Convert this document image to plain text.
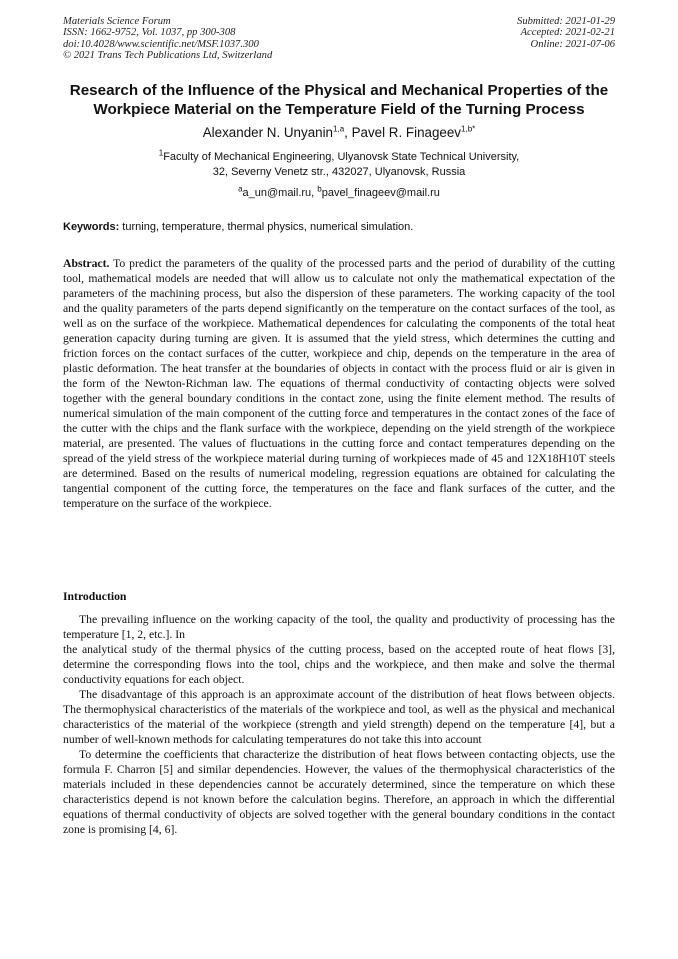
Materials Science Forum
ISSN: 1662-9752, Vol. 1037, pp 300-308
doi:10.4028/www.scientific.net/MSF.1037.300
© 2021 Trans Tech Publications Ltd, Switzerland
Submitted: 2021-01-29
Accepted: 2021-02-21
Online: 2021-07-06
Research of the Influence of the Physical and Mechanical Properties of the Workpiece Material on the Temperature Field of the Turning Process
Alexander N. Unyanin$^{1,a}$, Pavel R. Finageev$^{1,b*}$
$^1$Faculty of Mechanical Engineering, Ulyanovsk State Technical University,
32, Severny Venetz str., 432027, Ulyanovsk, Russia
$^a$a_un@mail.ru, $^b$pavel_finageev@mail.ru
Keywords: turning, temperature, thermal physics, numerical simulation.
Abstract. To predict the parameters of the quality of the processed parts and the period of durability of the cutting tool, mathematical models are needed that will allow us to calculate not only the mathematical expectation of the parameters of the machining process, but also the dispersion of these parameters. The working capacity of the tool and the quality parameters of the parts depend significantly on the temperature on the contact surfaces of the tool, as well as on the surface of the workpiece. Mathematical dependences for calculating the components of the total heat generation capacity during turning are given. It is assumed that the yield stress, which determines the cutting and friction forces on the contact surfaces of the cutter, workpiece and chip, depends on the temperature in the area of plastic deformation. The heat transfer at the boundaries of objects in contact with the process fluid or air is given in the form of the Newton-Richman law. The equations of thermal conductivity of contacting objects were solved together with the general boundary conditions in the contact zone, using the finite element method. The results of numerical simulation of the main component of the cutting force and temperatures in the contact zones of the face of the cutter with the chips and the flank surface with the workpiece, depending on the yield strength of the workpiece material, are presented. The values of fluctuations in the cutting force and contact temperatures depending on the spread of the yield stress of the workpiece material during turning of workpieces made of 45 and 12X18H10T steels are determined. Based on the results of numerical modeling, regression equations are obtained for calculating the tangential component of the cutting force, the temperatures on the face and flank surfaces of the cutter, and the temperature on the surface of the workpiece.
Introduction

The prevailing influence on the working capacity of the tool, the quality and productivity of processing has the temperature [1, 2, etc.]. In

the analytical study of the thermal physics of the cutting process, based on the accepted route of heat flows [3], determine the corresponding flows into the tool, chips and the workpiece, and then make and solve the thermal conductivity equations for each object.

The disadvantage of this approach is an approximate account of the distribution of heat flows between objects. The thermophysical characteristics of the materials of the workpiece and tool, as well as the physical and mechanical characteristics of the material of the workpiece (strength and yield strength) depend on the temperature [4], but a number of well-known methods for calculating temperatures do not take this into account

To determine the coefficients that characterize the distribution of heat flows between contacting objects, use the formula F. Charron [5] and similar dependencies. However, the values of the thermophysical characteristics of the materials included in these dependencies cannot be accurately determined, since the temperature on which these characteristics depend is not known before the calculation begins. Therefore, an approach in which the differential equations of thermal conductivity of objects are solved together with the general boundary conditions in the contact zone is promising [4, 6].
